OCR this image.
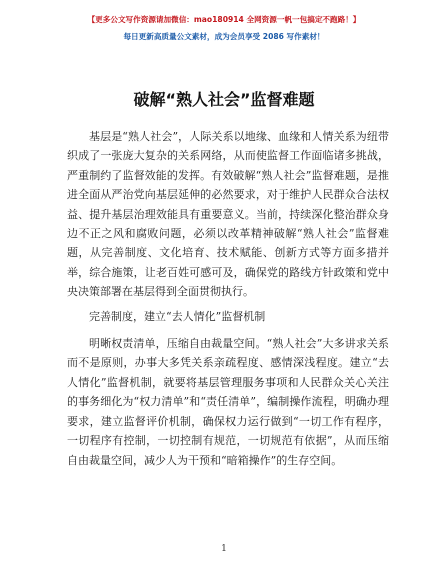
【更多公文写作资源请加微信：mao180914 全网资源一帆一包搞定不跑路！】
每日更新高质量公文素材，成为会员享受 2086 写作素材！
破解“熟人社会”监督难题

基层是“熟人社会”，人际关系以地缘、血缘和人情关系为纽带织成了一张庞大复杂的关系网络，从而使监督工作面临诸多挑战，严重制约了监督效能的发挥。有效破解“熟人社会”监督难题，是推进全面从严治党向基层延伸的必然要求，对于维护人民群众合法权益、提升基层治理效能具有重要意义。当前，持续深化整治群众身边不正之风和腐败问题，必须以改革精神破解“熟人社会”监督难题，从完善制度、文化培育、技术赋能、创新方式等方面多措并举，综合施策，让老百姓可感可及，确保党的路线方针政策和党中央决策部署在基层得到全面贯彻执行。

完善制度，建立“去人情化”监督机制

明晰权责清单，压缩自由裁量空间。“熟人社会”大多讲求关系而不是原则，办事大多凭关系亲疏程度、感情深浅程度。建立“去人情化”监督机制，就要将基层管理服务事项和人民群众关心关注的事务细化为“权力清单”和“责任清单”，编制操作流程，明确办理要求，建立监督评价机制，确保权力运行做到“一切工作有程序，一切程序有控制，一切控制有规范，一切规范有依据”，从而压缩自由裁量空间，减少人为干预和“暗箱操作”的生存空间。

1
